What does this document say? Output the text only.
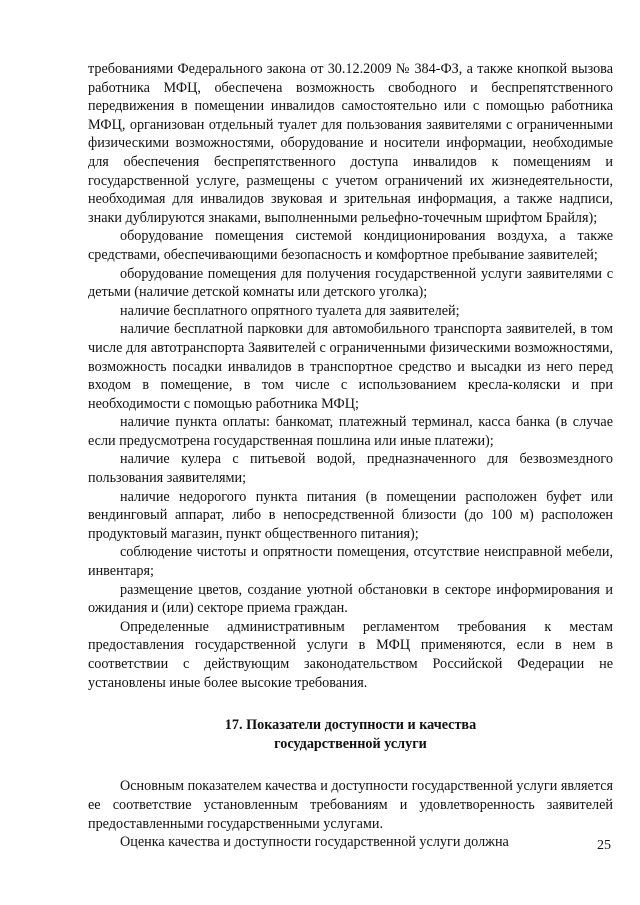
требованиями Федерального закона от 30.12.2009 № 384-ФЗ, а также кнопкой вызова работника МФЦ, обеспечена возможность свободного и беспрепятственного передвижения в помещении инвалидов самостоятельно или с помощью работника МФЦ, организован отдельный туалет для пользования заявителями с ограниченными физическими возможностями, оборудование и носители информации, необходимые для обеспечения беспрепятственного доступа инвалидов к помещениям и государственной услуге, размещены с учетом ограничений их жизнедеятельности, необходимая для инвалидов звуковая и зрительная информация, а также надписи, знаки дублируются знаками, выполненными рельефно-точечным шрифтом Брайля);

оборудование помещения системой кондиционирования воздуха, а также средствами, обеспечивающими безопасность и комфортное пребывание заявителей;

оборудование помещения для получения государственной услуги заявителями с детьми (наличие детской комнаты или детского уголка);

наличие бесплатного опрятного туалета для заявителей;

наличие бесплатной парковки для автомобильного транспорта заявителей, в том числе для автотранспорта Заявителей с ограниченными физическими возможностями, возможность посадки инвалидов в транспортное средство и высадки из него перед входом в помещение, в том числе с использованием кресла-коляски и при необходимости с помощью работника МФЦ;

наличие пункта оплаты: банкомат, платежный терминал, касса банка (в случае если предусмотрена государственная пошлина или иные платежи);

наличие кулера с питьевой водой, предназначенного для безвозмездного пользования заявителями;

наличие недорогого пункта питания (в помещении расположен буфет или вендинговый аппарат, либо в непосредственной близости (до 100 м) расположен продуктовый магазин, пункт общественного питания);

соблюдение чистоты и опрятности помещения, отсутствие неисправной мебели, инвентаря;

размещение цветов, создание уютной обстановки в секторе информирования и ожидания и (или) секторе приема граждан.

Определенные административным регламентом требования к местам предоставления государственной услуги в МФЦ применяются, если в нем в соответствии с действующим законодательством Российской Федерации не установлены иные более высокие требования.

17. Показатели доступности и качества
государственной услуги

Основным показателем качества и доступности государственной услуги является ее соответствие установленным требованиям и удовлетворенность заявителей предоставленными государственными услугами.

Оценка качества и доступности государственной услуги должна	25
